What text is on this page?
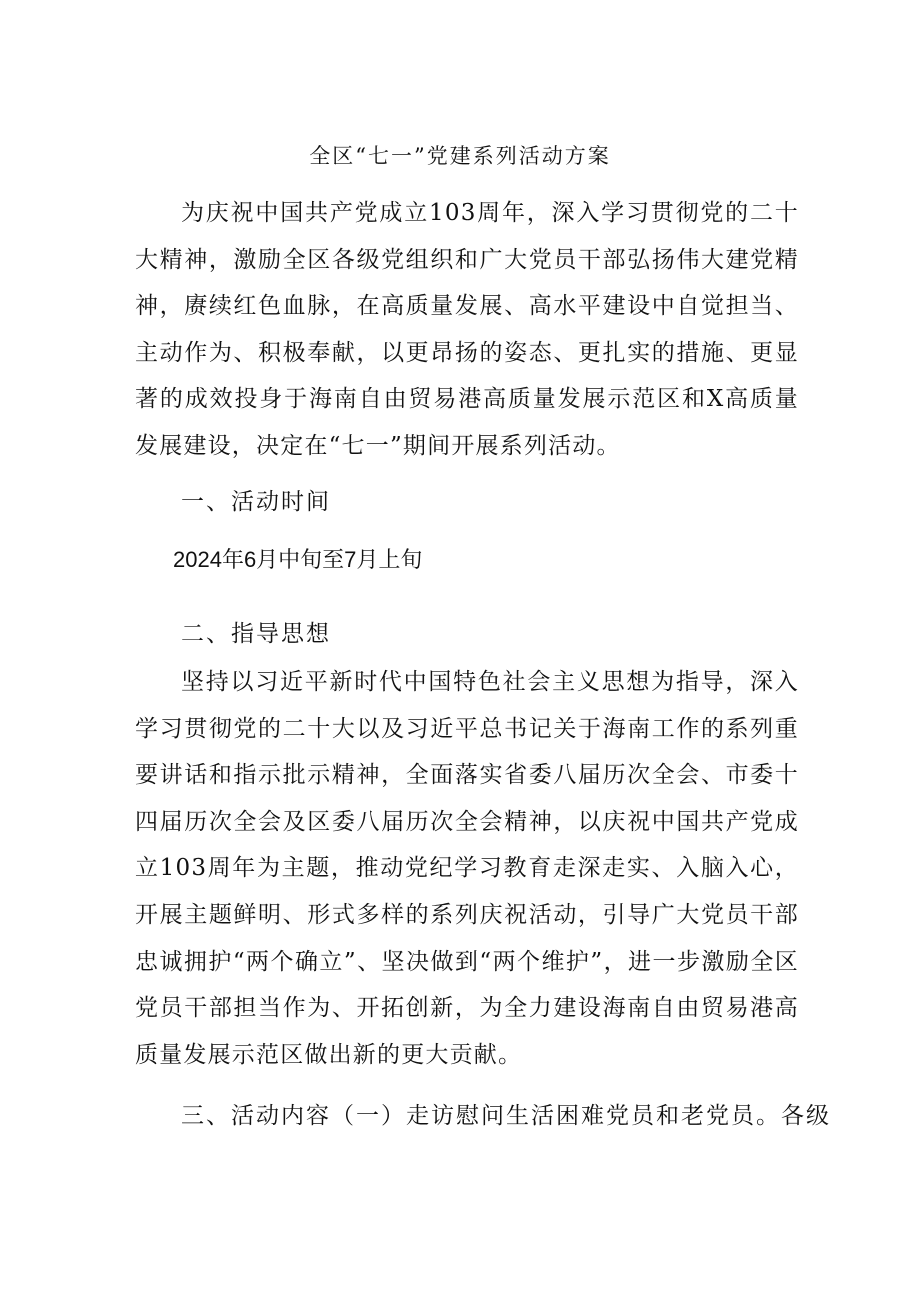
全区“七一”党建系列活动方案

为庆祝中国共产党成立103周年，深入学习贯彻党的二十大精神，激励全区各级党组织和广大党员干部弘扬伟大建党精神，赓续红色血脉，在高质量发展、高水平建设中自觉担当、主动作为、积极奉献，以更昂扬的姿态、更扎实的措施、更显著的成效投身于海南自由贸易港高质量发展示范区和X高质量发展建设，决定在“七一”期间开展系列活动。

一、活动时间

2024年6月中旬至7月上旬

二、指导思想

坚持以习近平新时代中国特色社会主义思想为指导，深入学习贯彻党的二十大以及习近平总书记关于海南工作的系列重要讲话和指示批示精神，全面落实省委八届历次全会、市委十四届历次全会及区委八届历次全会精神，以庆祝中国共产党成立103周年为主题，推动党纪学习教育走深走实、入脑入心，开展主题鲜明、形式多样的系列庆祝活动，引导广大党员干部忠诚拥护“两个确立”、坚决做到“两个维护”，进一步激励全区党员干部担当作为、开拓创新，为全力建设海南自由贸易港高质量发展示范区做出新的更大贡献。

三、活动内容（一）走访慰问生活困难党员和老党员。各级
